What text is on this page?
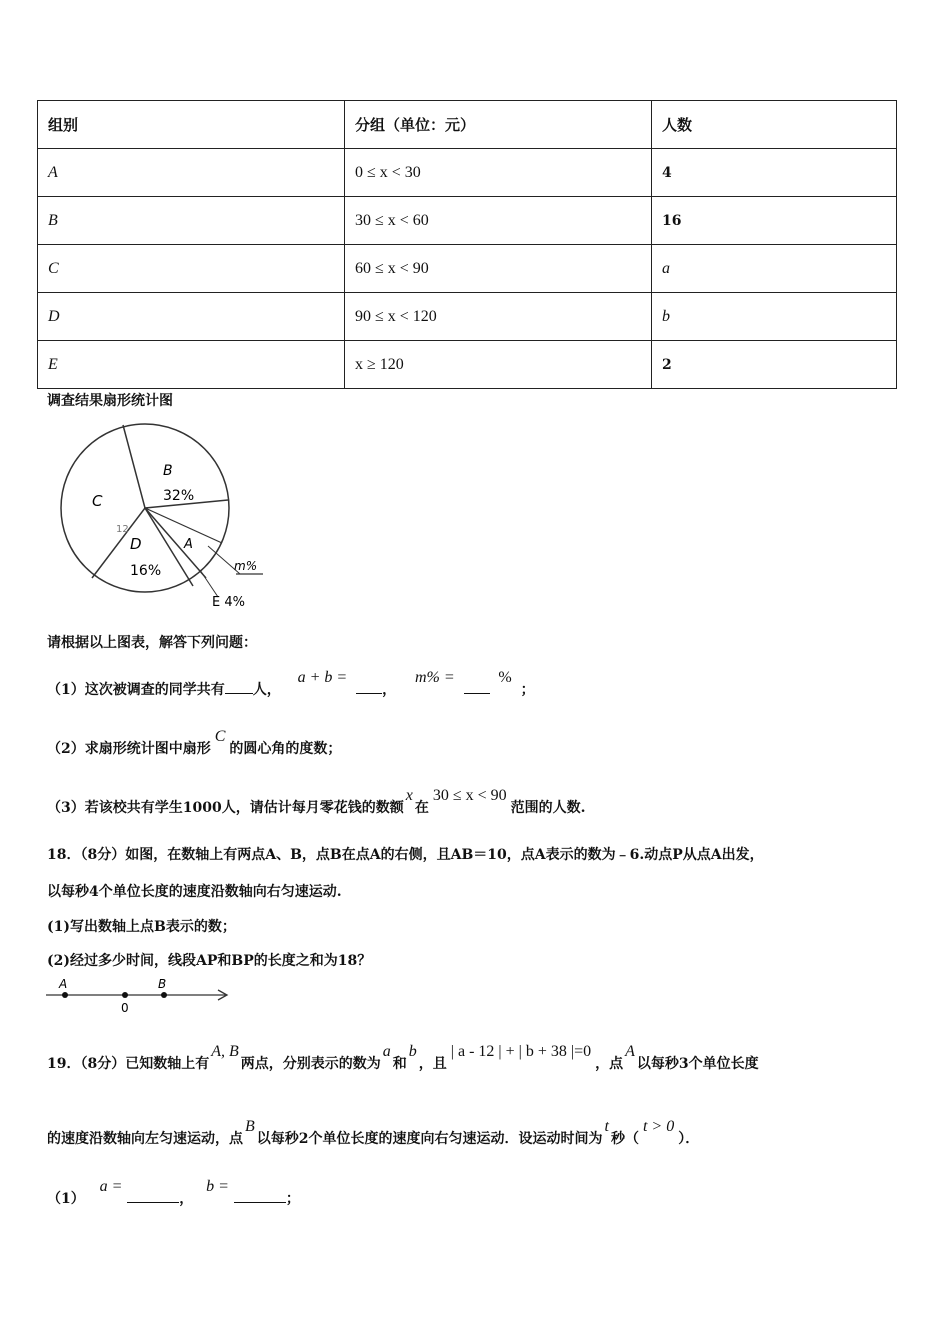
组别	分组（单位：元）	人数
A	0 ≤ x < 30	4
B	30 ≤ x < 60	16
C	60 ≤ x < 90	a
D	90 ≤ x < 120	b
E	x ≥ 120	2
调查结果扇形统计图
B
32%
C
12
D
16%
A
m%
E 4%
请根据以上图表，解答下列问题：
（1）这次被调查的同学共有 人， a + b = ， m% =	% ；
（2）求扇形统计图中扇形C的圆心角的度数；
（3）若该校共有学生1000人，请估计每月零花钱的数额x在30 ≤ x < 90范围的人数.
18．（8分）如图，在数轴上有两点A、B，点B在点A的右侧，且AB＝10，点A表示的数为﹣6.动点P从点A出发，
以每秒4个单位长度的速度沿数轴向右匀速运动.
(1)写出数轴上点B表示的数；
(2)经过多少时间，线段AP和BP的长度之和为18？
A	B
0
19．（8分）已知数轴上有A, B两点，分别表示的数为a和b，且| a - 12 | + | b + 38 |=0，点A以每秒3个单位长度
的速度沿数轴向左匀速运动，点B以每秒2个单位长度的速度向右匀速运动．设运动时间为t秒（t > 0）．
（1） a = ， b = ；
